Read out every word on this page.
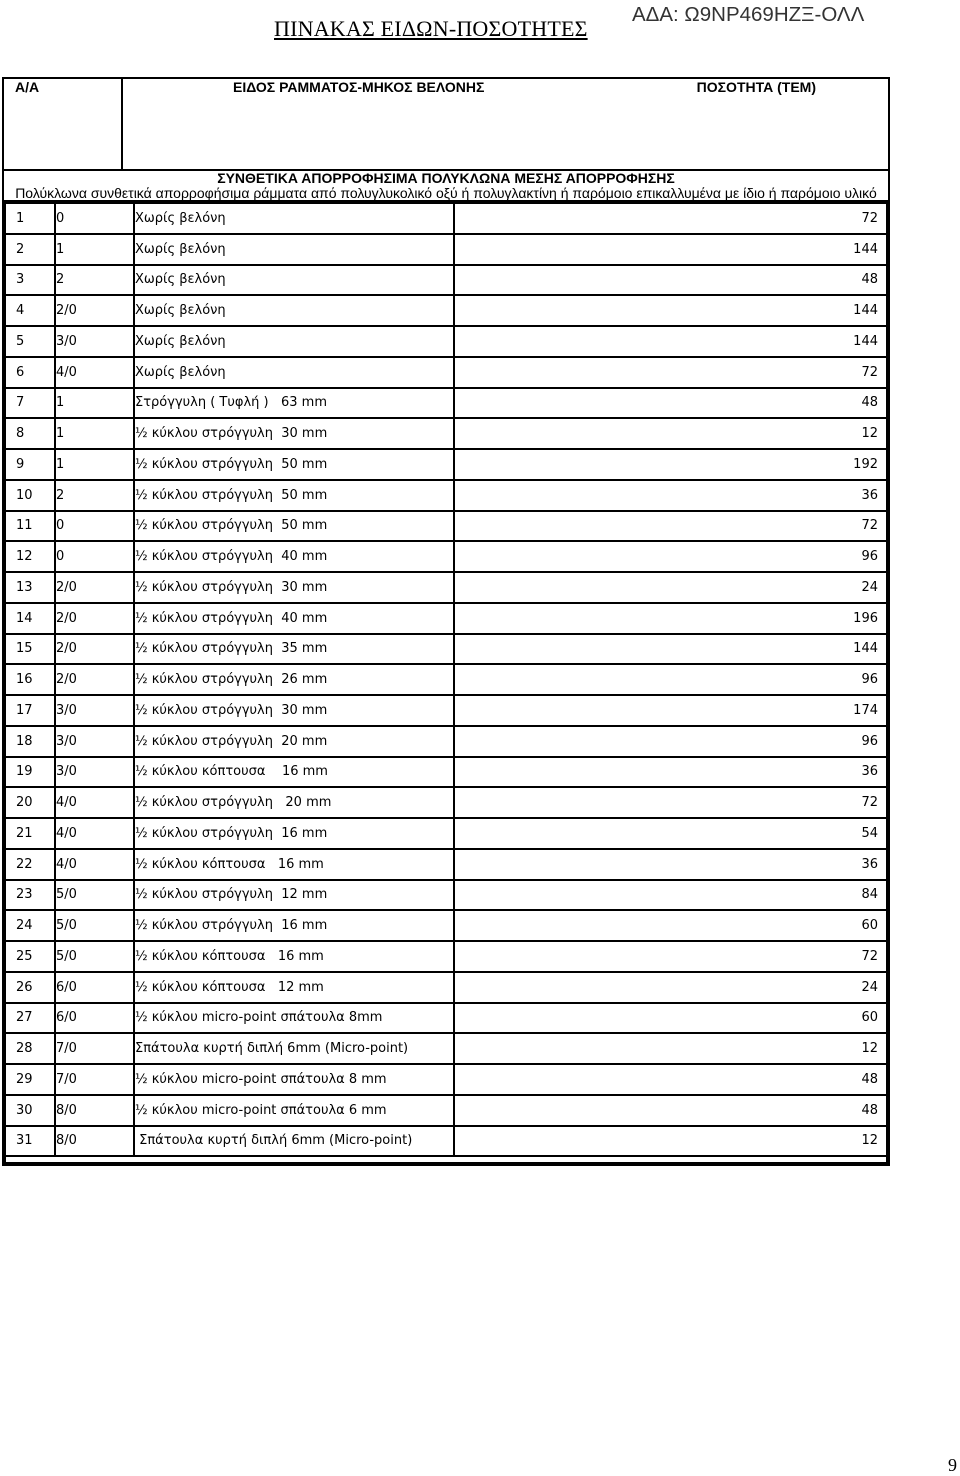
ΠΙΝΑΚΑΣ ΕΙΔΩΝ-ΠΟΣΟΤΗΤΕΣ
ΑΔΑ: Ω9ΝΡ469ΗΖΞ-ΟΛΛ
Α/Α	ΕΙΔΟΣ ΡΑΜΜΑΤΟΣ-ΜΗΚΟΣ ΒΕΛΟΝΗΣ	ΠΟΣΟΤΗΤΑ (ΤΕΜ)

ΣΥΝΘΕΤΙΚΑ ΑΠΟΡΡΟΦΗΣΙΜΑ ΠΟΛΥΚΛΩΝΑ ΜΕΣΗΣ ΑΠΟΡΡΟΦΗΣΗΣ
Πολύκλωνα συνθετικά απορροφήσιμα ράμματα από πολυγλυκολικό οξύ ή πολυγλακτίνη ή παρόμοιο επικαλλυμένα με ίδιο ή παρόμοιο υλικό

1	0	Χωρίς βελόνη	72
2	1	Χωρίς βελόνη	144
3	2	Χωρίς βελόνη	48
4	2/0	Χωρίς βελόνη	144
5	3/0	Χωρίς βελόνη	144
6	4/0	Χωρίς βελόνη	72
7	1	Στρόγγυλη ( Τυφλή )   63 mm	48
8	1	½ κύκλου στρόγγυλη  30 mm	12
9	1	½ κύκλου στρόγγυλη  50 mm	192
10	2	½ κύκλου στρόγγυλη  50 mm	36
11	0	½ κύκλου στρόγγυλη  50 mm	72
12	0	½ κύκλου στρόγγυλη  40 mm	96
13	2/0	½ κύκλου στρόγγυλη  30 mm	24
14	2/0	½ κύκλου στρόγγυλη  40 mm	196
15	2/0	½ κύκλου στρόγγυλη  35 mm	144
16	2/0	½ κύκλου στρόγγυλη  26 mm	96
17	3/0	½ κύκλου στρόγγυλη  30 mm	174
18	3/0	½ κύκλου στρόγγυλη  20 mm	96
19	3/0	½ κύκλου κόπτουσα    16 mm	36
20	4/0	½ κύκλου στρόγγυλη   20 mm	72
21	4/0	½ κύκλου στρόγγυλη  16 mm	54
22	4/0	½ κύκλου κόπτουσα   16 mm	36
23	5/0	½ κύκλου στρόγγυλη  12 mm	84
24	5/0	½ κύκλου στρόγγυλη  16 mm	60
25	5/0	½ κύκλου κόπτουσα   16 mm	72
26	6/0	½ κύκλου κόπτουσα   12 mm	24
27	6/0	½ κύκλου micro-point σπάτουλα 8mm	60
28	7/0	Σπάτουλα κυρτή διπλή 6mm (Micro-point)	12
29	7/0	½ κύκλου micro-point σπάτουλα 8 mm	48
30	8/0	½ κύκλου micro-point σπάτουλα 6 mm	48
31	8/0	Σπάτουλα κυρτή διπλή 6mm (Micro-point)	12

9
